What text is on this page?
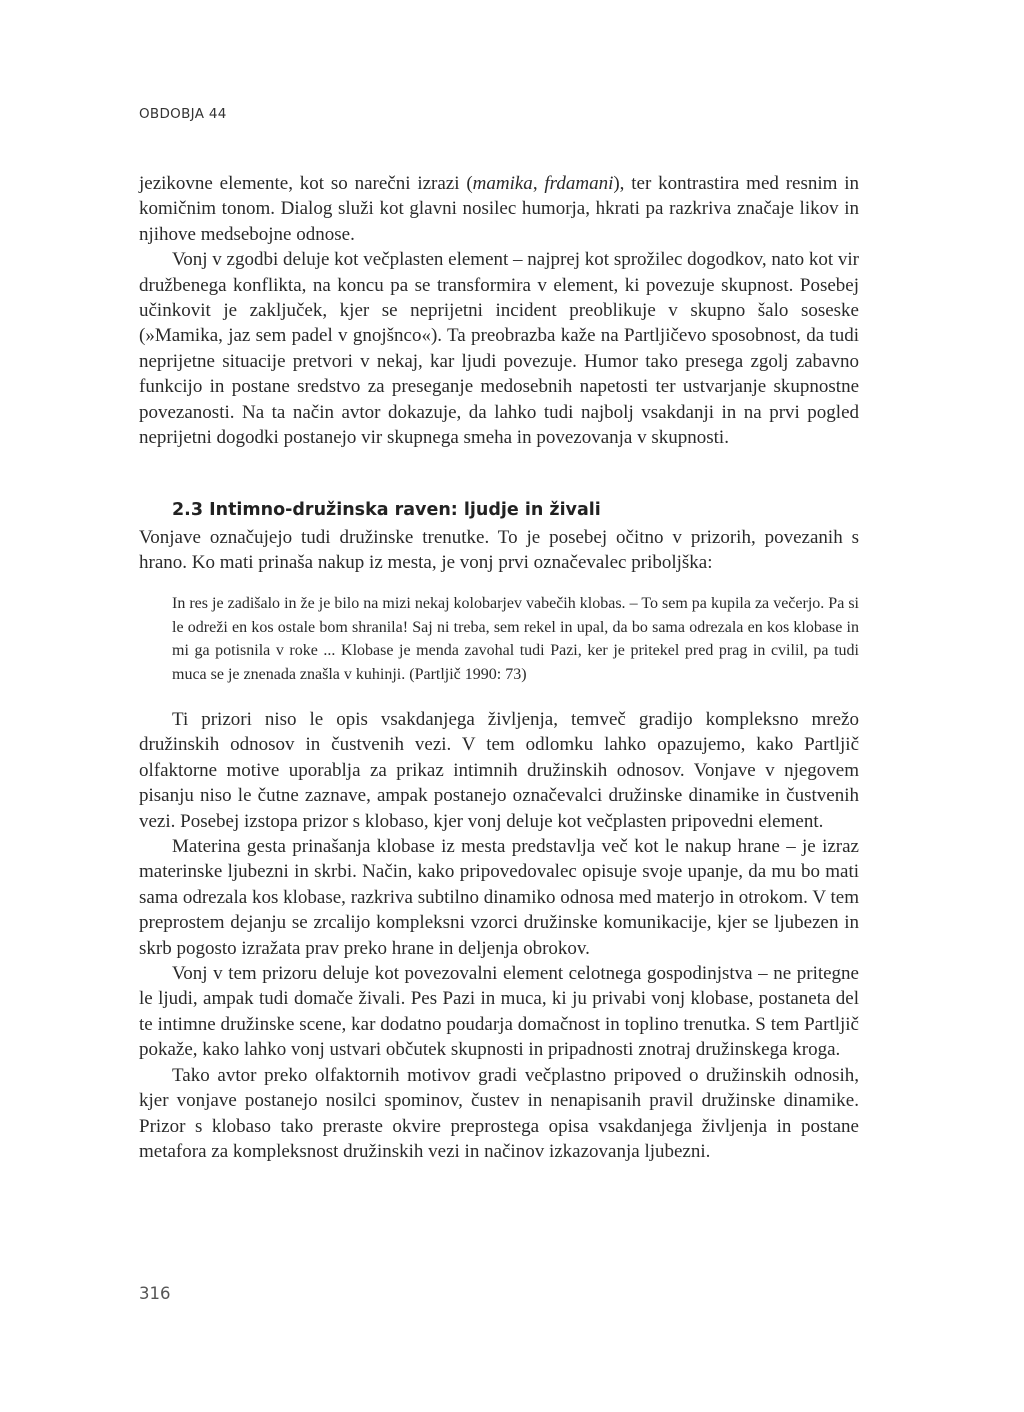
OBDOBJA 44

jezikovne elemente, kot so narečni izrazi (mamika, frdamani), ter kontrastira med resnim in komičnim tonom. Dialog služi kot glavni nosilec humorja, hkrati pa razkriva značaje likov in njihove medsebojne odnose.

Vonj v zgodbi deluje kot večplasten element – najprej kot sprožilec dogodkov, nato kot vir družbenega konflikta, na koncu pa se transformira v element, ki povezuje skupnost. Posebej učinkovit je zaključek, kjer se neprijetni incident preoblikuje v skupno šalo soseske (»Mamika, jaz sem padel v gnojšnco«). Ta preobrazba kaže na Partljičevo sposobnost, da tudi neprijetne situacije pretvori v nekaj, kar ljudi povezuje. Humor tako presega zgolj zabavno funkcijo in postane sredstvo za preseganje medosebnih napetosti ter ustvarjanje skupnostne povezanosti. Na ta način avtor dokazuje, da lahko tudi najbolj vsakdanji in na prvi pogled neprijetni dogodki postanejo vir skupnega smeha in povezovanja v skupnosti.

2.3 Intimno-družinska raven: ljudje in živali

Vonjave označujejo tudi družinske trenutke. To je posebej očitno v prizorih, povezanih s hrano. Ko mati prinaša nakup iz mesta, je vonj prvi označevalec priboljška:

In res je zadišalo in že je bilo na mizi nekaj kolobarjev vabečih klobas. – To sem pa kupila za večerjo. Pa si le odreži en kos ostale bom shranila! Saj ni treba, sem rekel in upal, da bo sama odrezala en kos klobase in mi ga potisnila v roke ... Klobase je menda zavohal tudi Pazi, ker je pritekel pred prag in cvilil, pa tudi muca se je znenada znašla v kuhinji. (Partljič 1990: 73)

Ti prizori niso le opis vsakdanjega življenja, temveč gradijo kompleksno mrežo družinskih odnosov in čustvenih vezi. V tem odlomku lahko opazujemo, kako Partljič olfaktorne motive uporablja za prikaz intimnih družinskih odnosov. Vonjave v njegovem pisanju niso le čutne zaznave, ampak postanejo označevalci družinske dinamike in čustvenih vezi. Posebej izstopa prizor s klobaso, kjer vonj deluje kot večplasten pripovedni element.

Materina gesta prinašanja klobase iz mesta predstavlja več kot le nakup hrane – je izraz materinske ljubezni in skrbi. Način, kako pripovedovalec opisuje svoje upanje, da mu bo mati sama odrezala kos klobase, razkriva subtilno dinamiko odnosa med materjo in otrokom. V tem preprostem dejanju se zrcalijo kompleksni vzorci družinske komunikacije, kjer se ljubezen in skrb pogosto izražata prav preko hrane in deljenja obrokov.

Vonj v tem prizoru deluje kot povezovalni element celotnega gospodinjstva – ne pritegne le ljudi, ampak tudi domače živali. Pes Pazi in muca, ki ju privabi vonj klobase, postaneta del te intimne družinske scene, kar dodatno poudarja domačnost in toplino trenutka. S tem Partljič pokaže, kako lahko vonj ustvari občutek skupnosti in pripadnosti znotraj družinskega kroga.

Tako avtor preko olfaktornih motivov gradi večplastno pripoved o družinskih odnosih, kjer vonjave postanejo nosilci spominov, čustev in nenapisanih pravil družinske dinamike. Prizor s klobaso tako preraste okvire preprostega opisa vsakdanjega življenja in postane metafora za kompleksnost družinskih vezi in načinov izkazovanja ljubezni.

316
